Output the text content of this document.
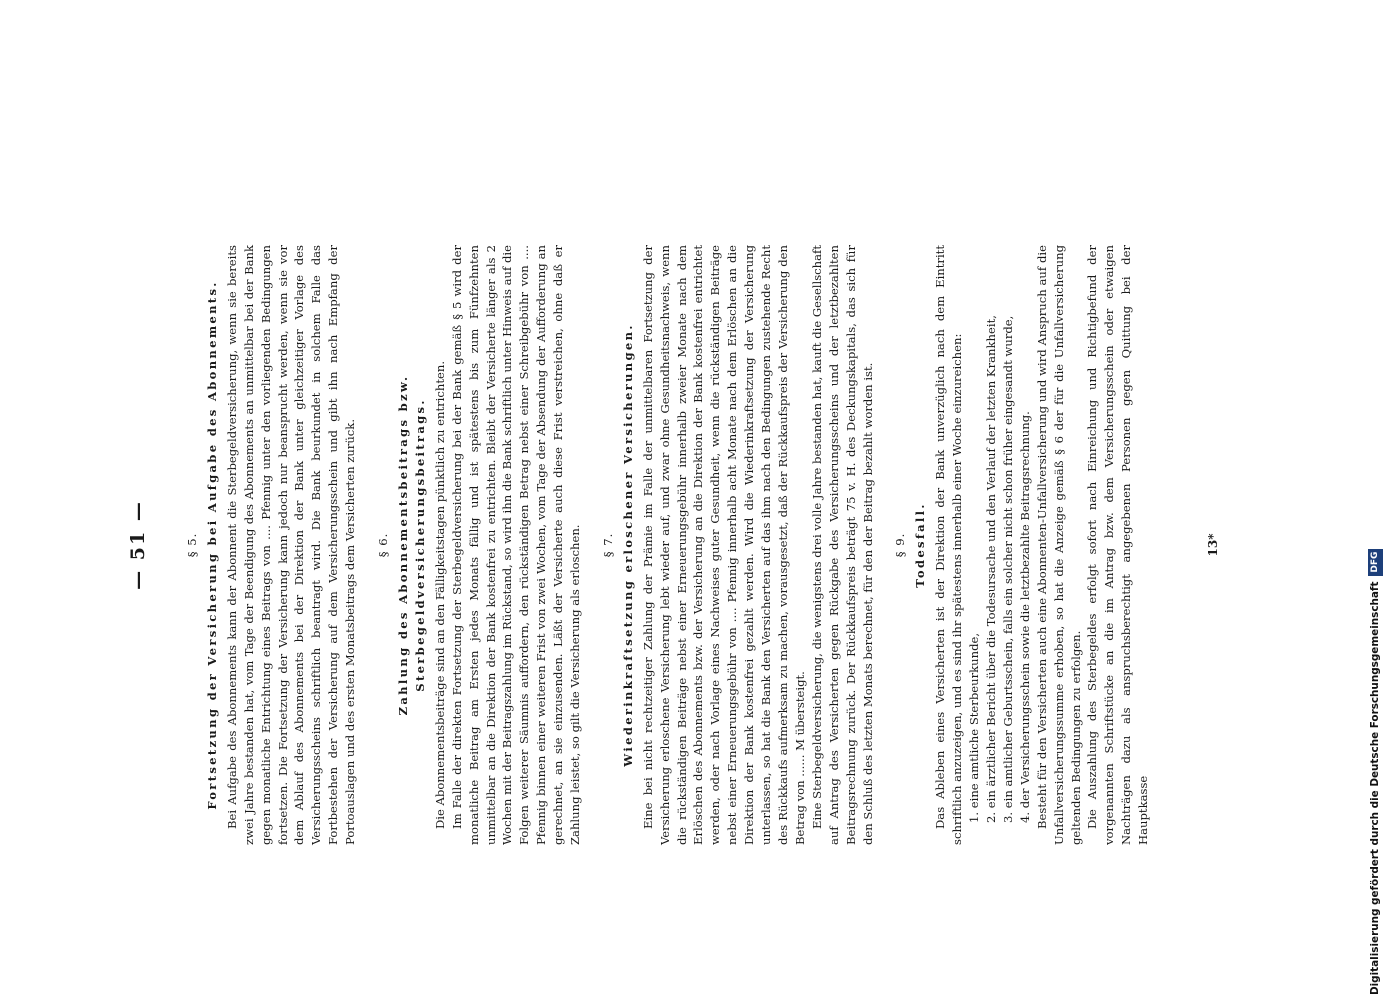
— 51 —	§ 5. Fortsetzung der Versicherung bei Aufgabe des Abonnements. Bei Aufgabe des Abonnements kann der Abonnent die Sterbegeldversicherung, wenn sie bereits zwei Jahre bestanden hat, vom Tage der Beendigung des Abonnements an unmittelbar bei der Bank gegen monatliche Entrichtung eines Beitrags von .... Pfennig unter den vorliegenden Bedingungen fortsetzen. Die Fortsetzung der Versicherung kann jedoch nur beansprucht werden, wenn sie vor dem Ablauf des Abonnements bei der Direktion der Bank unter gleichzeitiger Vorlage des Versicherungsscheins schriftlich beantragt wird. Die Bank beurkundet in solchem Falle das Fortbestehen der Versicherung auf dem Versicherungsschein und gibt ihn nach Empfang der Portoauslagen und des ersten Monatsbeitrags dem Versicherten zurück. § 6. Zahlung des Abonnementsbeitrags bzw. Sterbegeldversicherungsbeitrags. Die Abonnementsbeiträge sind an den Fälligkeitstagen pünktlich zu entrichten. Im Falle der direkten Fortsetzung der Sterbegeldversicherung bei der Bank gemäß § 5 wird der monatliche Beitrag am Ersten jedes Monats fällig und ist spätestens bis zum Fünfzehnten unmittelbar an die Direktion der Bank kostenfrei zu entrichten. Bleibt der Versicherte länger als 2 Wochen mit der Beitragszahlung im Rückstand, so wird ihn die Bank schriftlich unter Hinweis auf die Folgen weiterer Säumnis auffordern, den rückständigen Betrag nebst einer Schreibgebühr von .... Pfennig binnen einer weiteren Frist von zwei Wochen, vom Tage der Absendung der Aufforderung an gerechnet, an sie einzusenden. Läßt der Versicherte auch diese Frist verstreichen, ohne daß er Zahlung leistet, so gilt die Versicherung als erloschen. § 7. Wiederinkraftsetzung erloschener Versicherungen. Eine bei nicht rechtzeitiger Zahlung der Prämie im Falle der unmittelbaren Fortsetzung der Versicherung erloschene Versicherung lebt wieder auf, und zwar ohne Gesundheitsnachweis, wenn die rückständigen Beiträge nebst einer Erneuerungsgebühr innerhalb zweier Monate nach dem Erlöschen des Abonnements bzw. der Versicherung an die Direktion der Bank kostenfrei entrichtet werden, oder nach Vorlage eines Nachweises guter Gesundheit, wenn die rückständigen Beiträge nebst einer Erneuerungsgebühr von .... Pfennig innerhalb acht Monate nach dem Erlöschen an die Direktion der Bank kostenfrei gezahlt werden. Wird die Wiederinkraftsetzung der Versicherung unterlassen, so hat die Bank den Versicherten auf das ihm nach den Bedingungen zustehende Recht des Rückkaufs aufmerksam zu machen, vorausgesetzt, daß der Rückkaufspreis der Versicherung den Betrag von ...... M übersteigt. Eine Sterbegeldversicherung, die wenigstens drei volle Jahre bestanden hat, kauft die Gesellschaft auf Antrag des Versicherten gegen Rückgabe des Versicherungsscheins und der letztbezahlten Beitragsrechnung zurück. Der Rückkaufspreis beträgt 75 v. H. des Deckungskapitals, das sich für den Schluß des letzten Monats berechnet, für den der Beitrag bezahlt worden ist. § 9. Todesfall. Das Ableben eines Versicherten ist der Direktion der Bank unverzüglich nach dem Eintritt schriftlich anzuzeigen, und es sind ihr spätestens innerhalb einer Woche einzureichen: 1. eine amtliche Sterbeurkunde, 2. ein ärztlicher Bericht über die Todesursache und den Verlauf der letzten Krankheit, 3. ein amtlicher Geburtsschein, falls ein solcher nicht schon früher eingesandt wurde, 4. der Versicherungsschein sowie die letztbezahlte Beitragsrechnung. Besteht für den Versicherten auch eine Abonnenten-Unfallversicherung und wird Anspruch auf die Unfallversicherungssumme erhoben, so hat die Anzeige gemäß § 6 der für die Unfallversicherung geltenden Bedingungen zu erfolgen. Die Auszahlung des Sterbegeldes erfolgt sofort nach Einreichung und Richtigbefund der vorgenannten Schriftstücke an die im Antrag bzw. dem Versicherungsschein oder etwaigen Nachträgen dazu als anspruchsberechtigt angegebenen Personen gegen Quittung bei der Hauptkasse

13*
Digitalisierung gefördert durch die Deutsche Forschungsgemeinschaft
DFG
